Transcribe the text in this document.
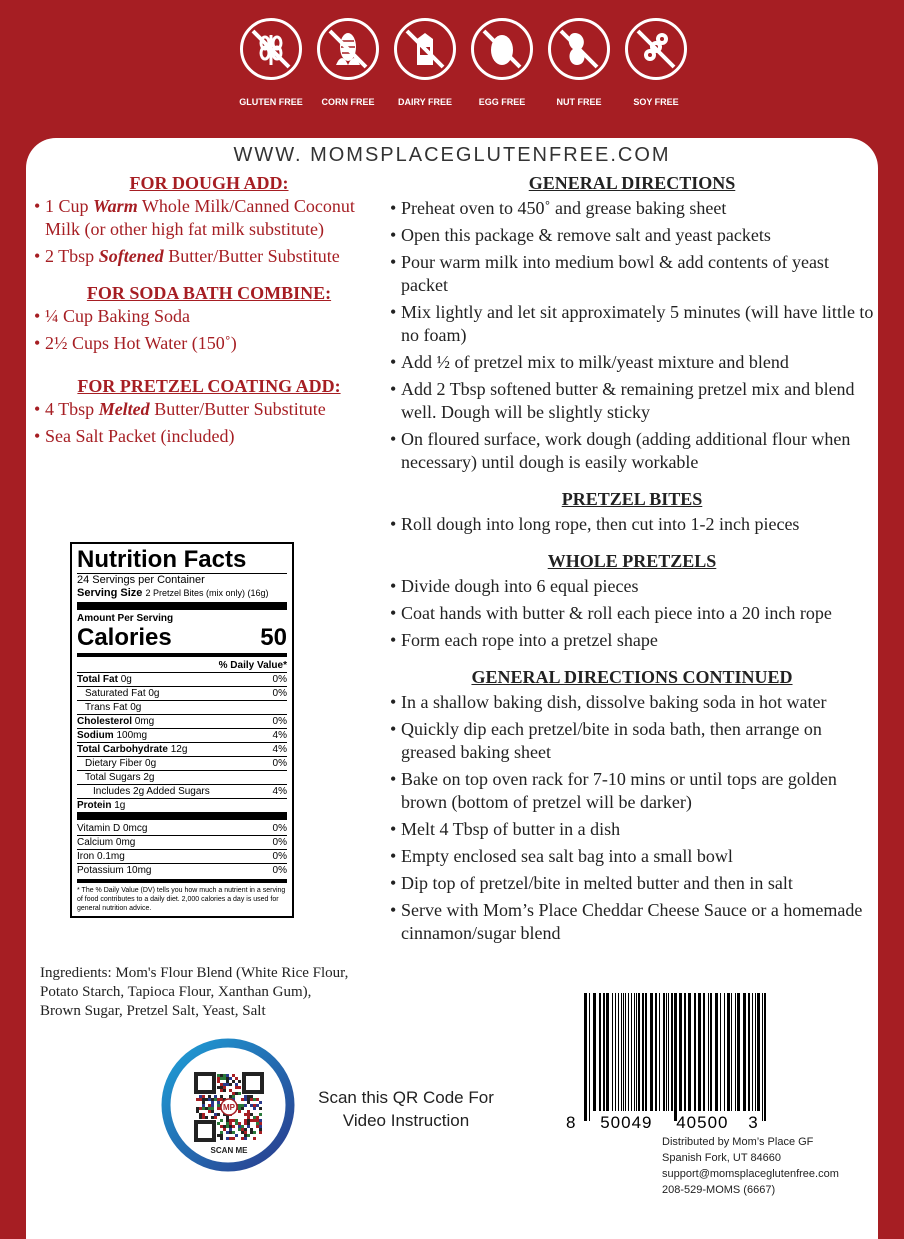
GLUTEN FREE	CORN FREE	DAIRY FREE	EGG FREE	NUT FREE	SOY FREE
WWW. MOMSPLACEGLUTENFREE.COM
FOR DOUGH ADD:
• 1 Cup Warm Whole Milk/Canned Coconut Milk (or other high fat milk substitute)
• 2 Tbsp Softened Butter/Butter Substitute
FOR SODA BATH COMBINE:
• ¼ Cup Baking Soda
• 2½ Cups Hot Water (150˚)
FOR PRETZEL COATING ADD:
• 4 Tbsp Melted Butter/Butter Substitute
• Sea Salt Packet (included)
GENERAL DIRECTIONS
• Preheat oven to 450˚ and grease baking sheet
• Open this package & remove salt and yeast packets
• Pour warm milk into medium bowl & add contents of yeast packet
• Mix lightly and let sit approximately 5 minutes (will have little to no foam)
• Add ½ of pretzel mix to milk/yeast mixture and blend
• Add 2 Tbsp softened butter & remaining pretzel mix and blend well. Dough will be slightly sticky
• On floured surface, work dough (adding additional flour when necessary) until dough is easily workable
PRETZEL BITES
• Roll dough into long rope, then cut into 1-2 inch pieces
WHOLE PRETZELS
• Divide dough into 6 equal pieces
• Coat hands with butter & roll each piece into a 20 inch rope
• Form each rope into a pretzel shape
GENERAL DIRECTIONS CONTINUED
• In a shallow baking dish, dissolve baking soda in hot water
• Quickly dip each pretzel/bite in soda bath, then arrange on greased baking sheet
• Bake on top oven rack for 7-10 mins or until tops are golden brown (bottom of pretzel will be darker)
• Melt 4 Tbsp of butter in a dish
• Empty enclosed sea salt bag into a small bowl
• Dip top of pretzel/bite in melted butter and then in salt
• Serve with Mom’s Place Cheddar Cheese Sauce or a homemade cinnamon/sugar blend
Nutrition Facts
24 Servings per Container
Serving Size 2 Pretzel Bites (mix only) (16g)
Amount Per Serving
Calories	50
% Daily Value*
Total Fat 0g	0%
Saturated Fat 0g	0%
Trans Fat 0g
Cholesterol 0mg	0%
Sodium 100mg	4%
Total Carbohydrate 12g	4%
Dietary Fiber 0g	0%
Total Sugars 2g
Includes 2g Added Sugars	4%
Protein 1g
Vitamin D 0mcg	0%
Calcium 0mg	0%
Iron 0.1mg	0%
Potassium 10mg	0%
* The % Daily Value (DV) tells you how much a nutrient in a serving of food contributes to a daily diet. 2,000 calories a day is used for general nutrition advice.
Ingredients: Mom's Flour Blend (White Rice Flour, Potato Starch, Tapioca Flour, Xanthan Gum), Brown Sugar, Pretzel Salt, Yeast, Salt
MP
SCAN ME
Scan this QR Code For Video Instruction	8 50049 40500 3
Distributed by Mom’s Place GF
Spanish Fork, UT 84660
support@momsplaceglutenfree.com
208-529-MOMS (6667)
